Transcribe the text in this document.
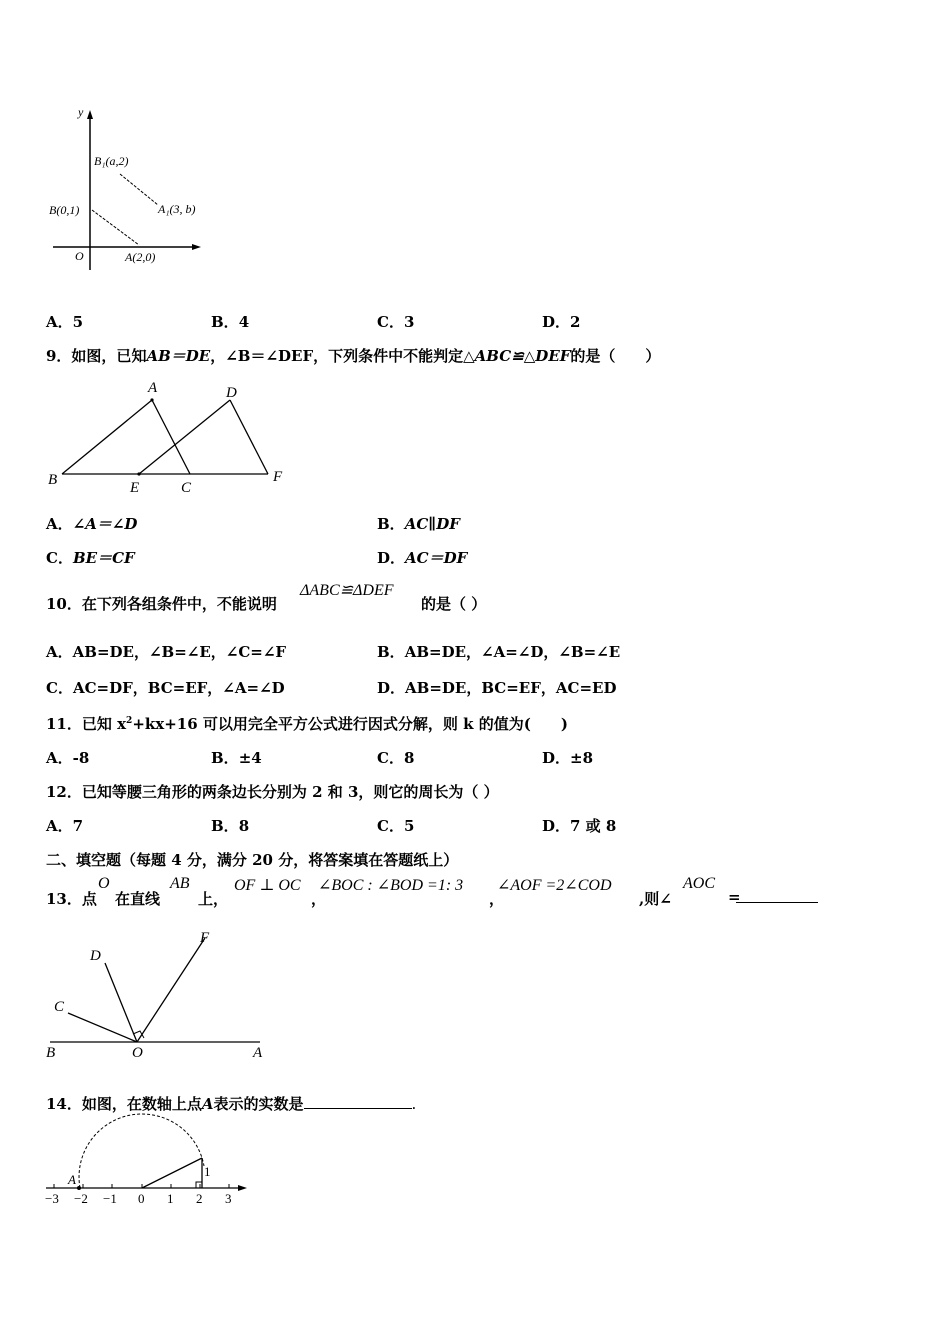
y
O
B₁(a,2)
A₁(3, b)
B(0,1)
A(2,0)
A．5	B．4	C．3	D．2
9．如图，已知AB＝DE，∠B＝∠DEF，下列条件中不能判定△ABC≌△DEF的是（　　）
A	D
B	E	C
F
A．∠A＝∠D	B．AC∥DF
C．BE＝CF	D．AC＝DF
10．在下列各组条件中，不能说明
ΔABC≌ΔDEF
的是（ ）
A．AB=DE，∠B=∠E，∠C=∠F	B．AB=DE，∠A=∠D，∠B=∠E
C．AC=DF，BC=EF，∠A=∠D	D．AB=DE，BC=EF，AC=ED
11．已知 $x^2+kx+16$ 可以用完全平方公式进行因式分解，则 k 的值为(　　)
A．-8	B．±4	C．8	D．±8
12．已知等腰三角形的两条边长分别为 2 和 3，则它的周长为（ ）
A．7	B．8	C．5	D．7 或 8
二、填空题（每题 4 分，满分 20 分，将答案填在答题纸上）
13．点
O
在直线
AB
上，
OF ⊥ OC
，
∠BOC : ∠BOD =1: 3
，
∠AOF =2∠COD
,则∠
AOC
=
D
F
C
B	O	A
14．如图，在数轴上点A表示的实数是	.
A
1
−3 −2 −1 0 1 2 3
